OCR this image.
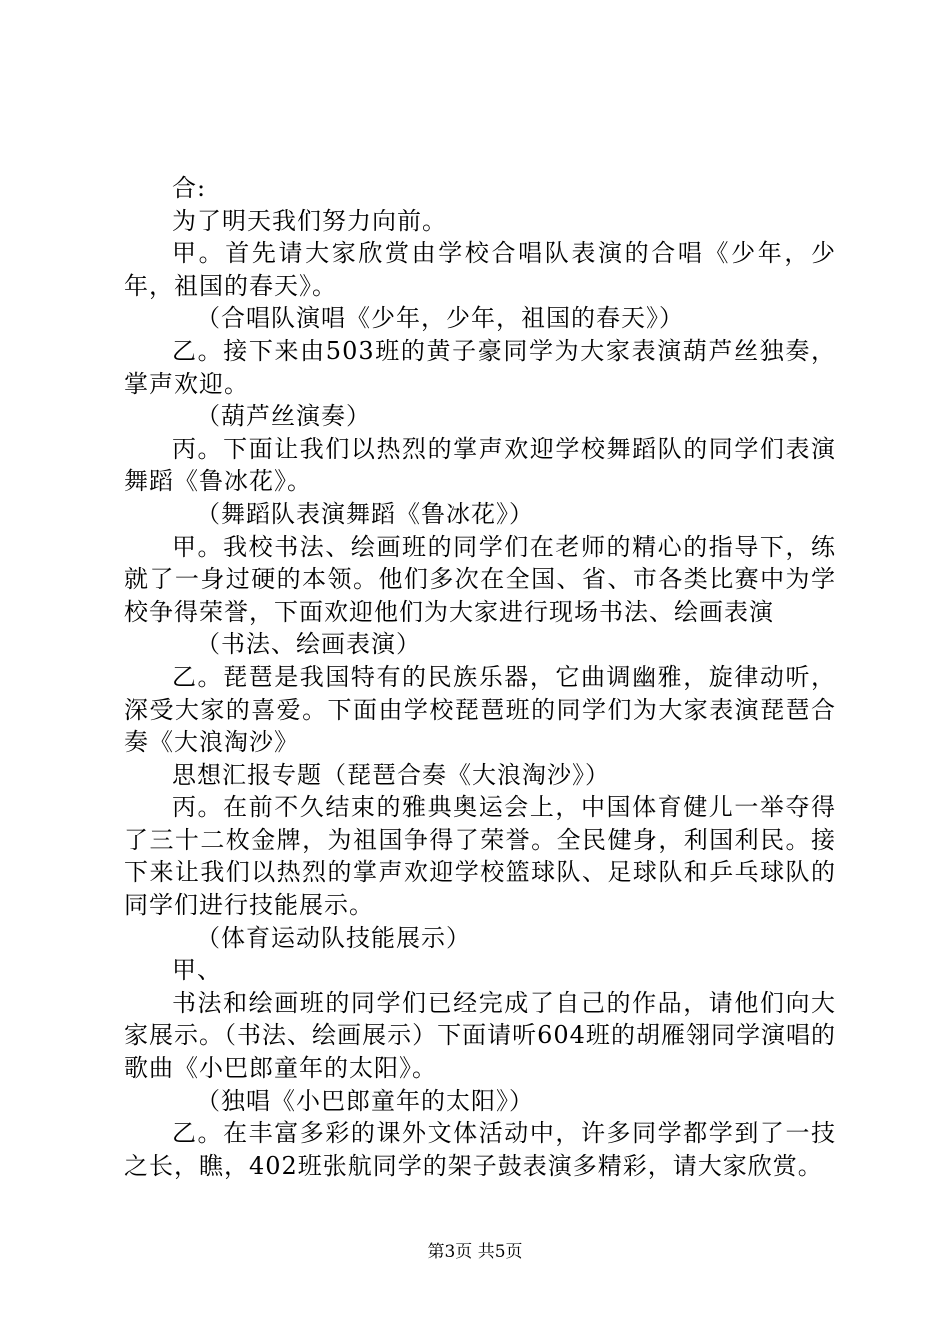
合:

为了明天我们努力向前。

甲。首先请大家欣赏由学校合唱队表演的合唱《少年，少年，祖国的春天》。

（合唱队演唱《少年，少年，祖国的春天》）

乙。接下来由503班的黄子豪同学为大家表演葫芦丝独奏，掌声欢迎。

（葫芦丝演奏）

丙。下面让我们以热烈的掌声欢迎学校舞蹈队的同学们表演舞蹈《鲁冰花》。

（舞蹈队表演舞蹈《鲁冰花》）

甲。我校书法、绘画班的同学们在老师的精心的指导下，练就了一身过硬的本领。他们多次在全国、省、市各类比赛中为学校争得荣誉，下面欢迎他们为大家进行现场书法、绘画表演

（书法、绘画表演）

乙。琵琶是我国特有的民族乐器，它曲调幽雅，旋律动听，深受大家的喜爱。下面由学校琵琶班的同学们为大家表演琵琶合奏《大浪淘沙》

思想汇报专题（琵琶合奏《大浪淘沙》）

丙。在前不久结束的雅典奥运会上，中国体育健儿一举夺得了三十二枚金牌，为祖国争得了荣誉。全民健身，利国利民。接下来让我们以热烈的掌声欢迎学校篮球队、足球队和乒乓球队的同学们进行技能展示。

（体育运动队技能展示）

甲、

书法和绘画班的同学们已经完成了自己的作品，请他们向大家展示。（书法、绘画展示）下面请听604班的胡雁翎同学演唱的歌曲《小巴郎童年的太阳》。

（独唱《小巴郎童年的太阳》）

乙。在丰富多彩的课外文体活动中，许多同学都学到了一技之长，瞧，402班张航同学的架子鼓表演多精彩，请大家欣赏。

第3页 共5页
